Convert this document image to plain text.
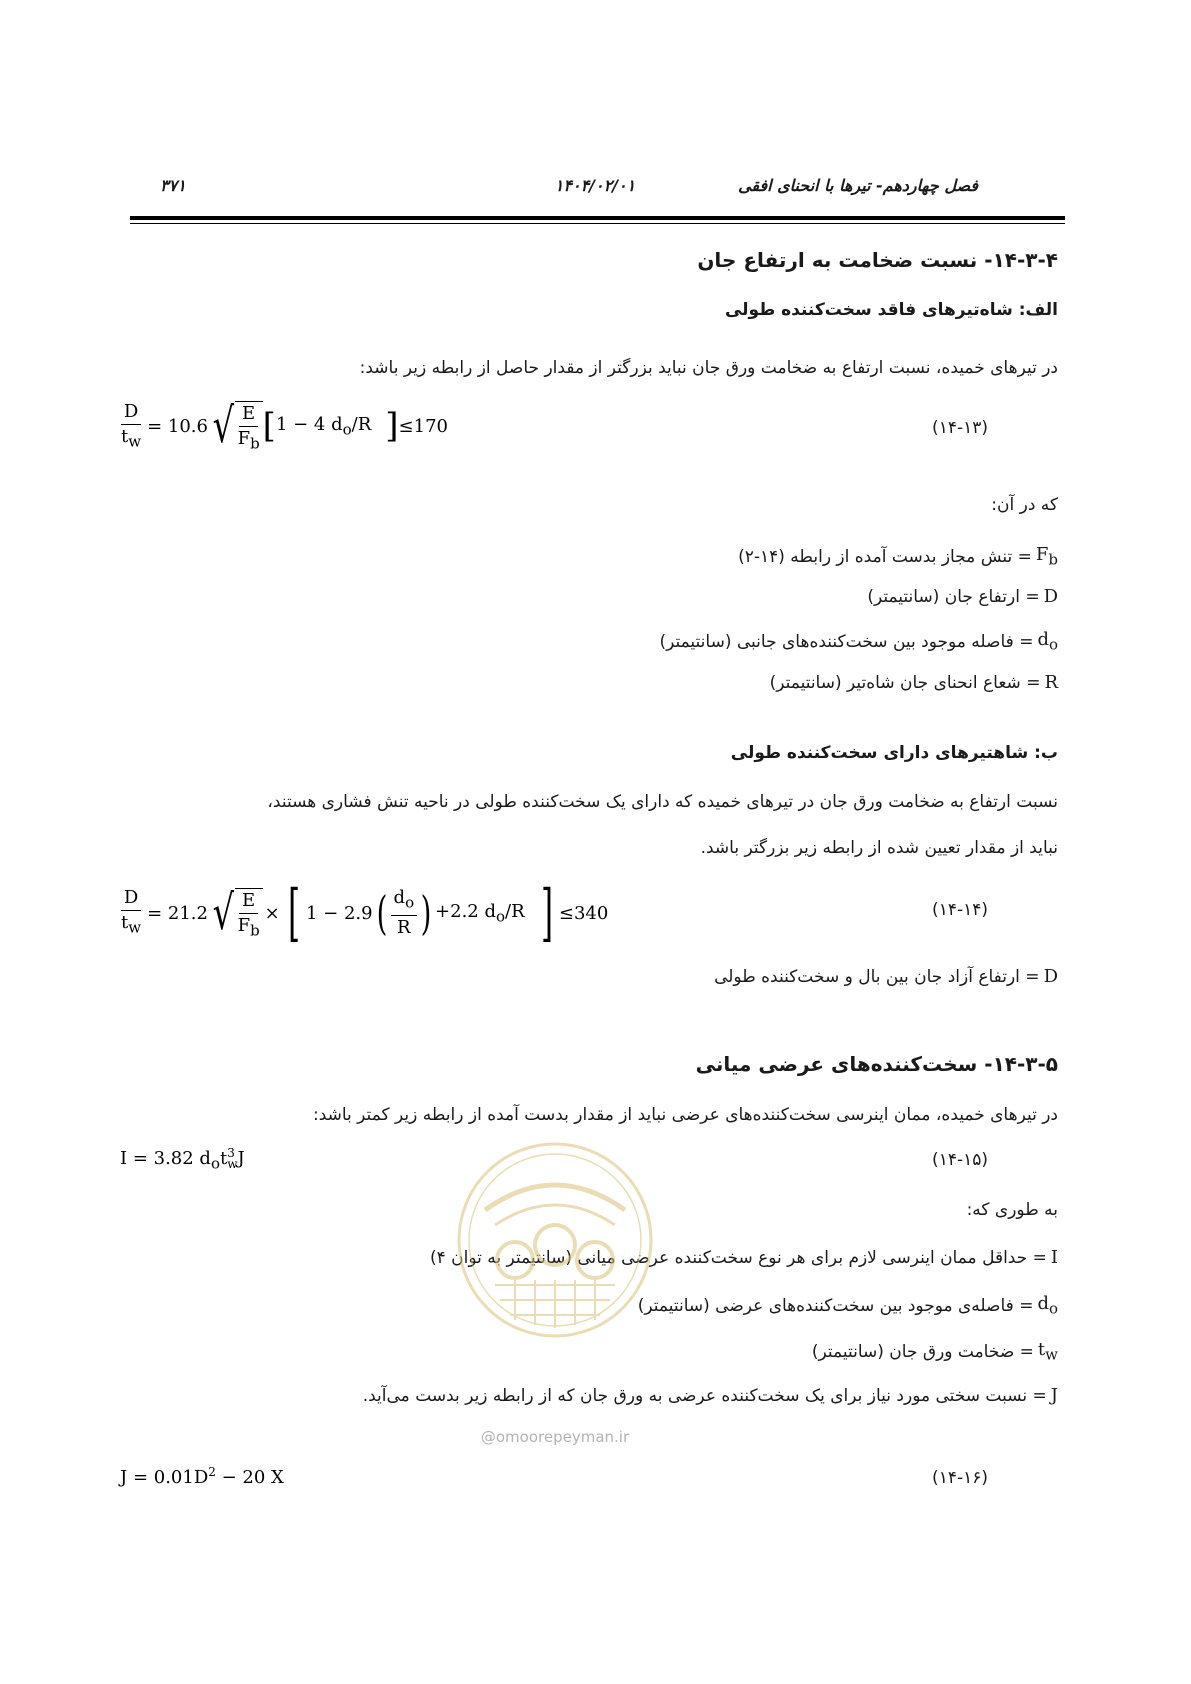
فصل چهاردهم- تیرها با انحنای افقی
۱۴۰۴/۰۲/۰۱
۳۷۱
۱۴-۳-۴- نسبت ضخامت به ارتفاع جان
الف: شاه‌تیرهای فاقد سخت‌کننده طولی
در تیرهای خمیده، نسبت ارتفاع به ضخامت ورق جان نباید بزرگتر از مقدار حاصل از رابطه زیر باشد:
$\frac{D}{t_w} = 10.6$ √ E
$F_b$ [ 1 − 4 $d_o/R$ ] ≤170	(۱۴-۱۳)
که در آن:
$F_b$
= تنش مجاز بدست آمده از رابطه (۱۴-۲)
D
= ارتفاع جان (سانتیمتر)
$d_o$
= فاصله موجود بین سخت‌کننده‌های جانبی (سانتیمتر)
R
= شعاع انحنای جان شاه‌تیر (سانتیمتر)
ب: شاهتیرهای دارای سخت‌کننده طولی
نسبت ارتفاع به ضخامت ورق جان در تیرهای خمیده که دارای یک سخت‌کننده طولی در ناحیه تنش فشاری هستند،
نباید از مقدار تعیین شده از رابطه زیر بزرگتر باشد.
$\frac{D}{t_w} = 21.2$ √ E
$F_b$
× [ 1 − 2.9 ( $d_o$
R ) +2.2 $d_o/R$ ] ≤340	(۱۴-۱۴)
D
= ارتفاع آزاد جان بین بال و سخت‌کننده طولی
۱۴-۳-۵- سخت‌کننده‌های عرضی میانی
در تیرهای خمیده، ممان اینرسی سخت‌کننده‌های عرضی نباید از مقدار بدست آمده از رابطه زیر کمتر باشد:
I = 3.82 $d_ot$ 3
w J	(۱۴-۱۵)
به طوری که:
I
= حداقل ممان اینرسی لازم برای هر نوع سخت‌کننده عرضی میانی (سانتیمتر به توان ۴)
$d_o$
= فاصله‌ی موجود بین سخت‌کننده‌های عرضی (سانتیمتر)
$t_w$
= ضخامت ورق جان (سانتیمتر)
J
= نسبت سختی مورد نیاز برای یک سخت‌کننده عرضی به ورق جان که از رابطه زیر بدست می‌آید.
$J = 0.01D^2 - 20$ X	(۱۴-۱۶)
@omoorepeyman.ir
